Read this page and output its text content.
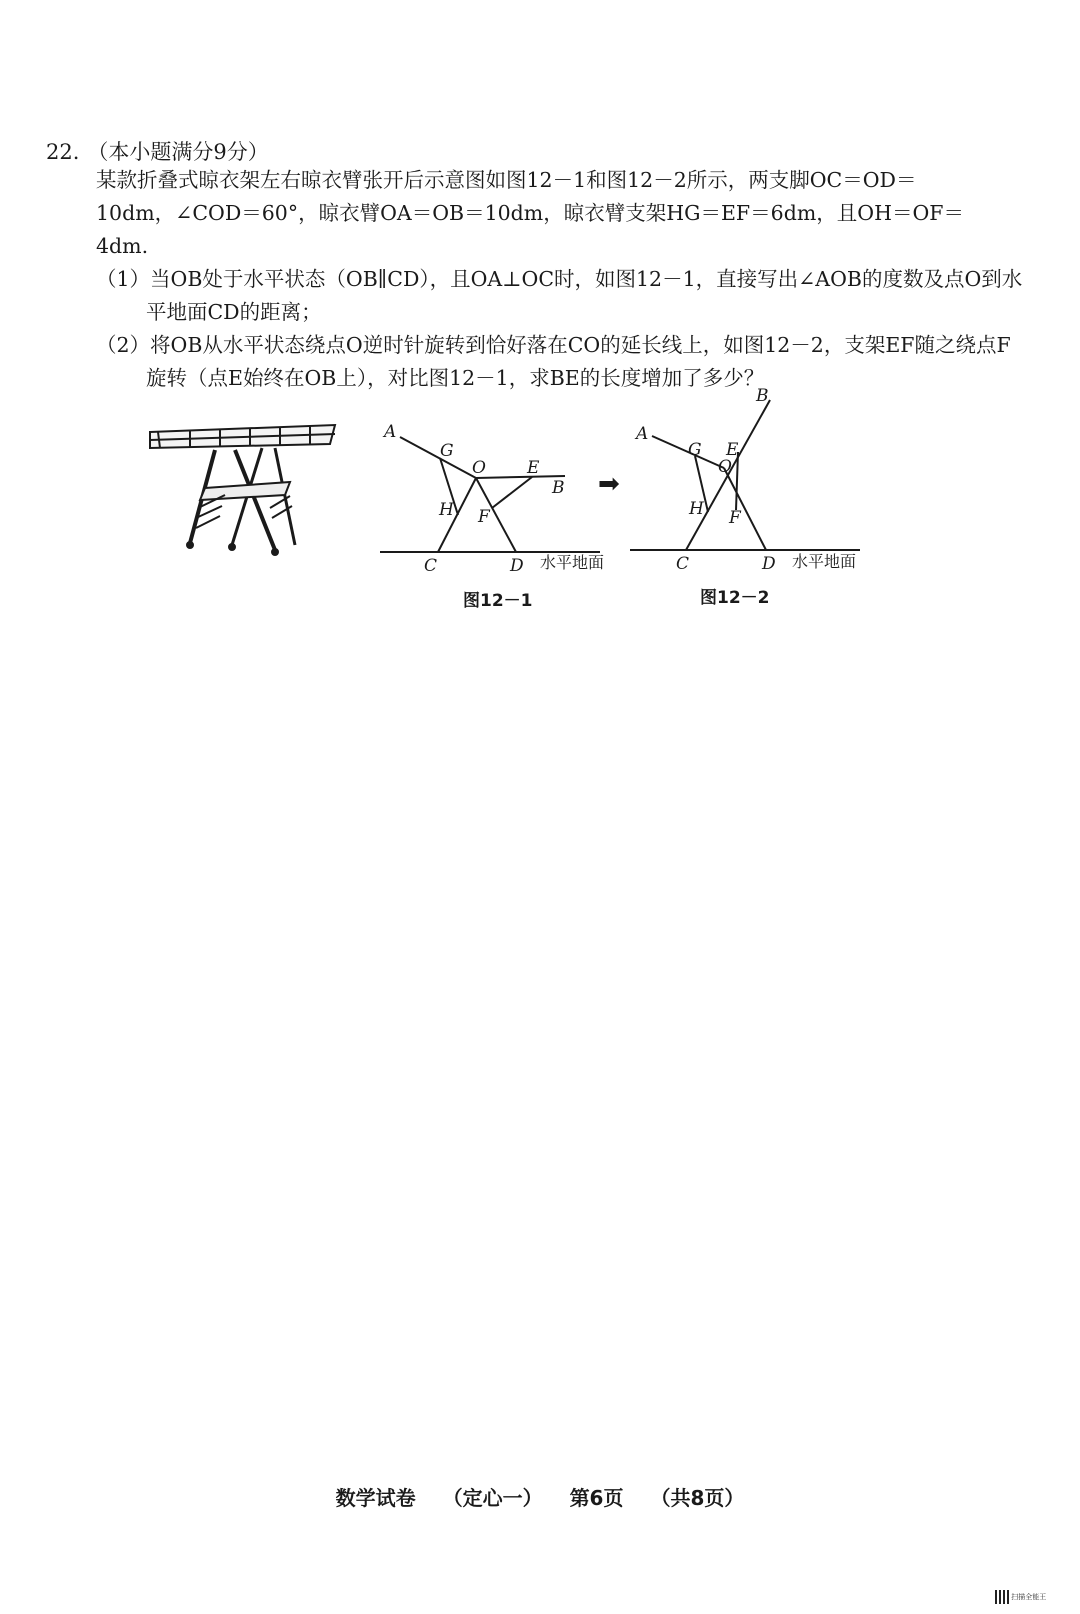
22. （本小题满分9分）
某款折叠式晾衣架左右晾衣臂张开后示意图如图12－1和图12－2所示，两支脚OC＝OD＝10dm，∠COD＝60°，晾衣臂OA＝OB＝10dm，晾衣臂支架HG＝EF＝6dm，且OH＝OF＝4dm.
（1）当OB处于水平状态（OB∥CD），且OA⊥OC时，如图12－1，直接写出∠AOB的度数及点O到水平地面CD的距离；
（2）将OB从水平状态绕点O逆时针旋转到恰好落在CO的延长线上，如图12－2，支架EF随之绕点F旋转（点E始终在OB上），对比图12－1，求BE的长度增加了多少？
A
G
O E
B
H F
C	D 水平地面
➡
A
G E
O
B
H F
C	D 水平地面
图12－1	图12－2
数学试卷 （定心一） 第6页 （共8页）
扫描全能王
